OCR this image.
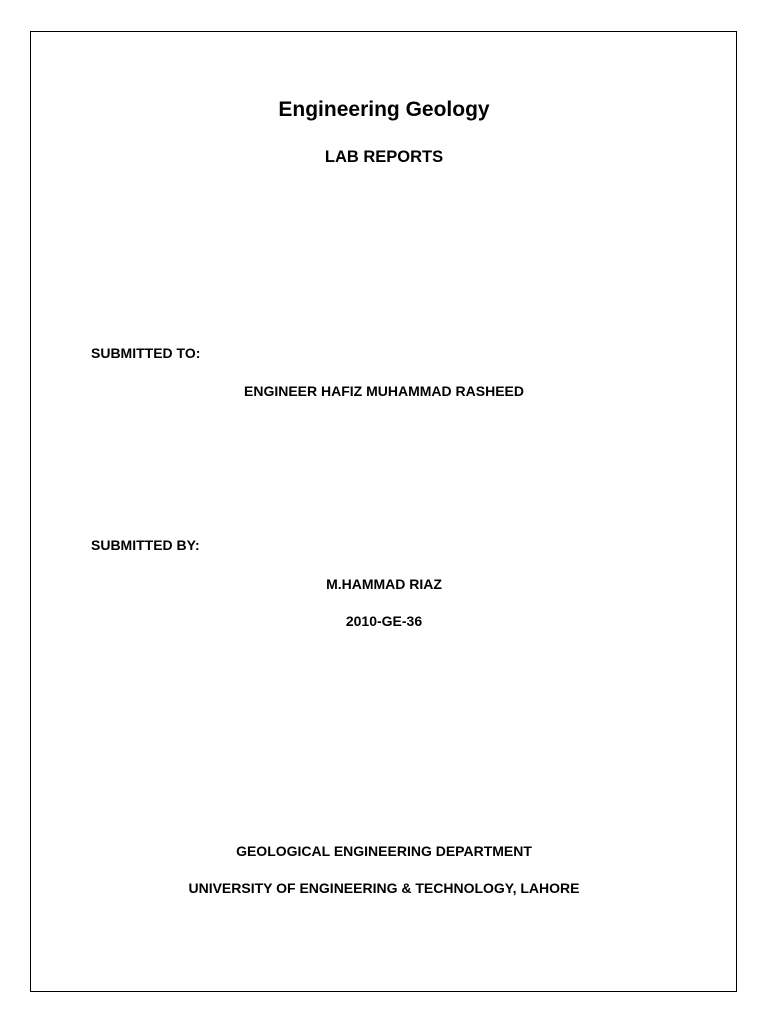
Engineering Geology
LAB REPORTS
SUBMITTED TO:
ENGINEER HAFIZ MUHAMMAD RASHEED
SUBMITTED BY:
M.HAMMAD RIAZ
2010-GE-36
GEOLOGICAL ENGINEERING DEPARTMENT
UNIVERSITY OF ENGINEERING & TECHNOLOGY, LAHORE
